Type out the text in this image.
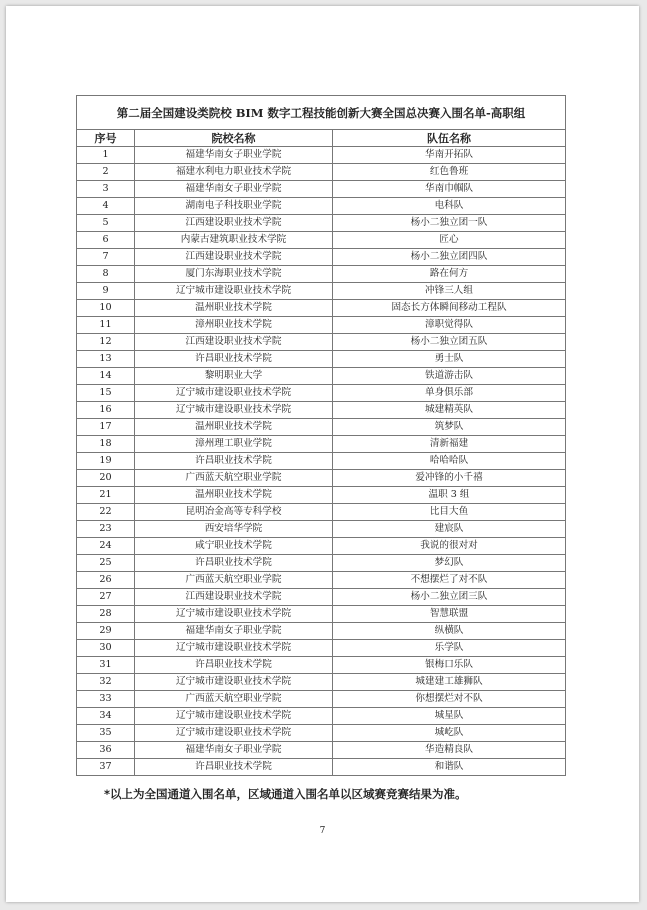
第二届全国建设类院校 BIM 数字工程技能创新大赛全国总决赛入围名单-高职组		
序号	院校名称	队伍名称
1	福建华南女子职业学院	华南开拓队
2	福建水利电力职业技术学院	红色鲁班
3	福建华南女子职业学院	华南巾帼队
4	湖南电子科技职业学院	电科队
5	江西建设职业技术学院	杨小二独立团一队
6	内蒙古建筑职业技术学院	匠心
7	江西建设职业技术学院	杨小二独立团四队
8	厦门东海职业技术学院	路在何方
9	辽宁城市建设职业技术学院	冲锋三人组
10	温州职业技术学院	固态长方体瞬间移动工程队
11	漳州职业技术学院	漳职觉得队
12	江西建设职业技术学院	杨小二独立团五队
13	许昌职业技术学院	勇士队
14	黎明职业大学	铁道游击队
15	辽宁城市建设职业技术学院	单身俱乐部
16	辽宁城市建设职业技术学院	城建精英队
17	温州职业技术学院	筑梦队
18	漳州理工职业学院	清新福建
19	许昌职业技术学院	哈哈哈队
20	广西蓝天航空职业学院	爱冲锋的小千禧
21	温州职业技术学院	温职 3 组
22	昆明冶金高等专科学校	比目大鱼
23	西安培华学院	建宸队
24	咸宁职业技术学院	我说的很对对
25	许昌职业技术学院	梦幻队
26	广西蓝天航空职业学院	不想摆烂了对不队
27	江西建设职业技术学院	杨小二独立团三队
28	辽宁城市建设职业技术学院	智慧联盟
29	福建华南女子职业学院	纵横队
30	辽宁城市建设职业技术学院	乐学队
31	许昌职业技术学院	银梅口乐队
32	辽宁城市建设职业技术学院	城建建工雄狮队
33	广西蓝天航空职业学院	你想摆烂对不队
34	辽宁城市建设职业技术学院	城星队
35	辽宁城市建设职业技术学院	城屹队
36	福建华南女子职业学院	华造精良队
37	许昌职业技术学院	和谐队
*以上为全国通道入围名单，区域通道入围名单以区域赛竞赛结果为准。
7
